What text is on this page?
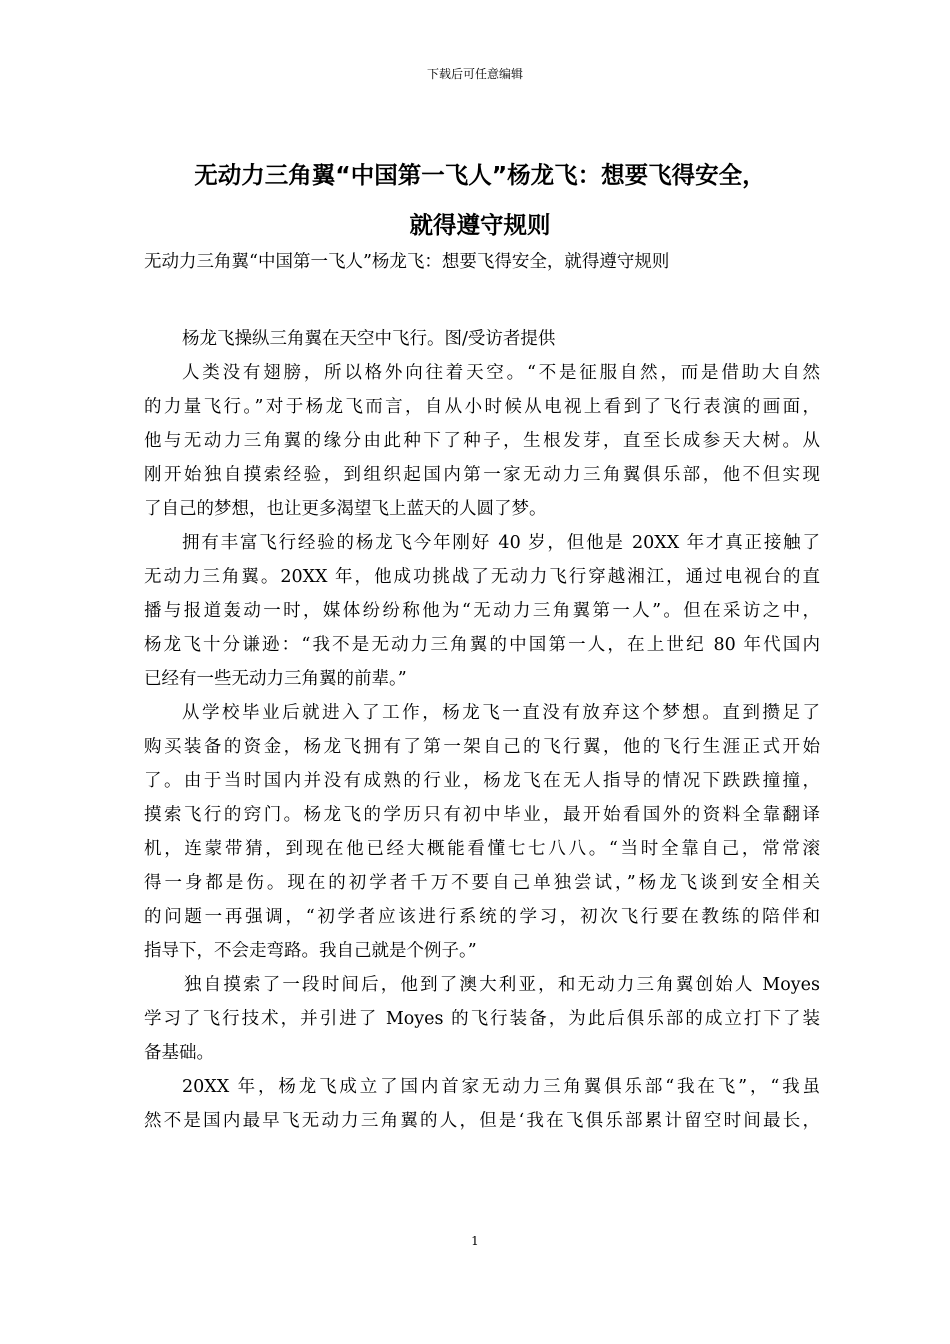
下载后可任意编辑
无动力三角翼“中国第一飞人”杨龙飞：想要飞得安全，
就得遵守规则
无动力三角翼“中国第一飞人”杨龙飞：想要飞得安全，就得遵守规则
杨龙飞操纵三角翼在天空中飞行。图/受访者提供
人类没有翅膀，所以格外向往着天空。“不是征服自然，而是借助大自然
的力量飞行。”对于杨龙飞而言，自从小时候从电视上看到了飞行表演的画面，
他与无动力三角翼的缘分由此种下了种子，生根发芽，直至长成参天大树。从
刚开始独自摸索经验，到组织起国内第一家无动力三角翼俱乐部，他不但实现
了自己的梦想，也让更多渴望飞上蓝天的人圆了梦。
拥有丰富飞行经验的杨龙飞今年刚好 40 岁，但他是 20XX 年才真正接触了
无动力三角翼。20XX 年，他成功挑战了无动力飞行穿越湘江，通过电视台的直
播与报道轰动一时，媒体纷纷称他为“无动力三角翼第一人”。但在采访之中，
杨龙飞十分谦逊：“我不是无动力三角翼的中国第一人，在上世纪 80 年代国内
已经有一些无动力三角翼的前辈。”
从学校毕业后就进入了工作，杨龙飞一直没有放弃这个梦想。直到攒足了
购买装备的资金，杨龙飞拥有了第一架自己的飞行翼，他的飞行生涯正式开始
了。由于当时国内并没有成熟的行业，杨龙飞在无人指导的情况下跌跌撞撞，
摸索飞行的窍门。杨龙飞的学历只有初中毕业，最开始看国外的资料全靠翻译
机，连蒙带猜，到现在他已经大概能看懂七七八八。“当时全靠自己，常常滚
得一身都是伤。现在的初学者千万不要自己单独尝试，”杨龙飞谈到安全相关
的问题一再强调，“初学者应该进行系统的学习，初次飞行要在教练的陪伴和
指导下，不会走弯路。我自己就是个例子。”
独自摸索了一段时间后，他到了澳大利亚，和无动力三角翼创始人 Moyes
学习了飞行技术，并引进了 Moyes 的飞行装备，为此后俱乐部的成立打下了装
备基础。
20XX 年，杨龙飞成立了国内首家无动力三角翼俱乐部“我在飞”，“我虽
然不是国内最早飞无动力三角翼的人，但是‘我在飞俱乐部累计留空时间最长，
1
